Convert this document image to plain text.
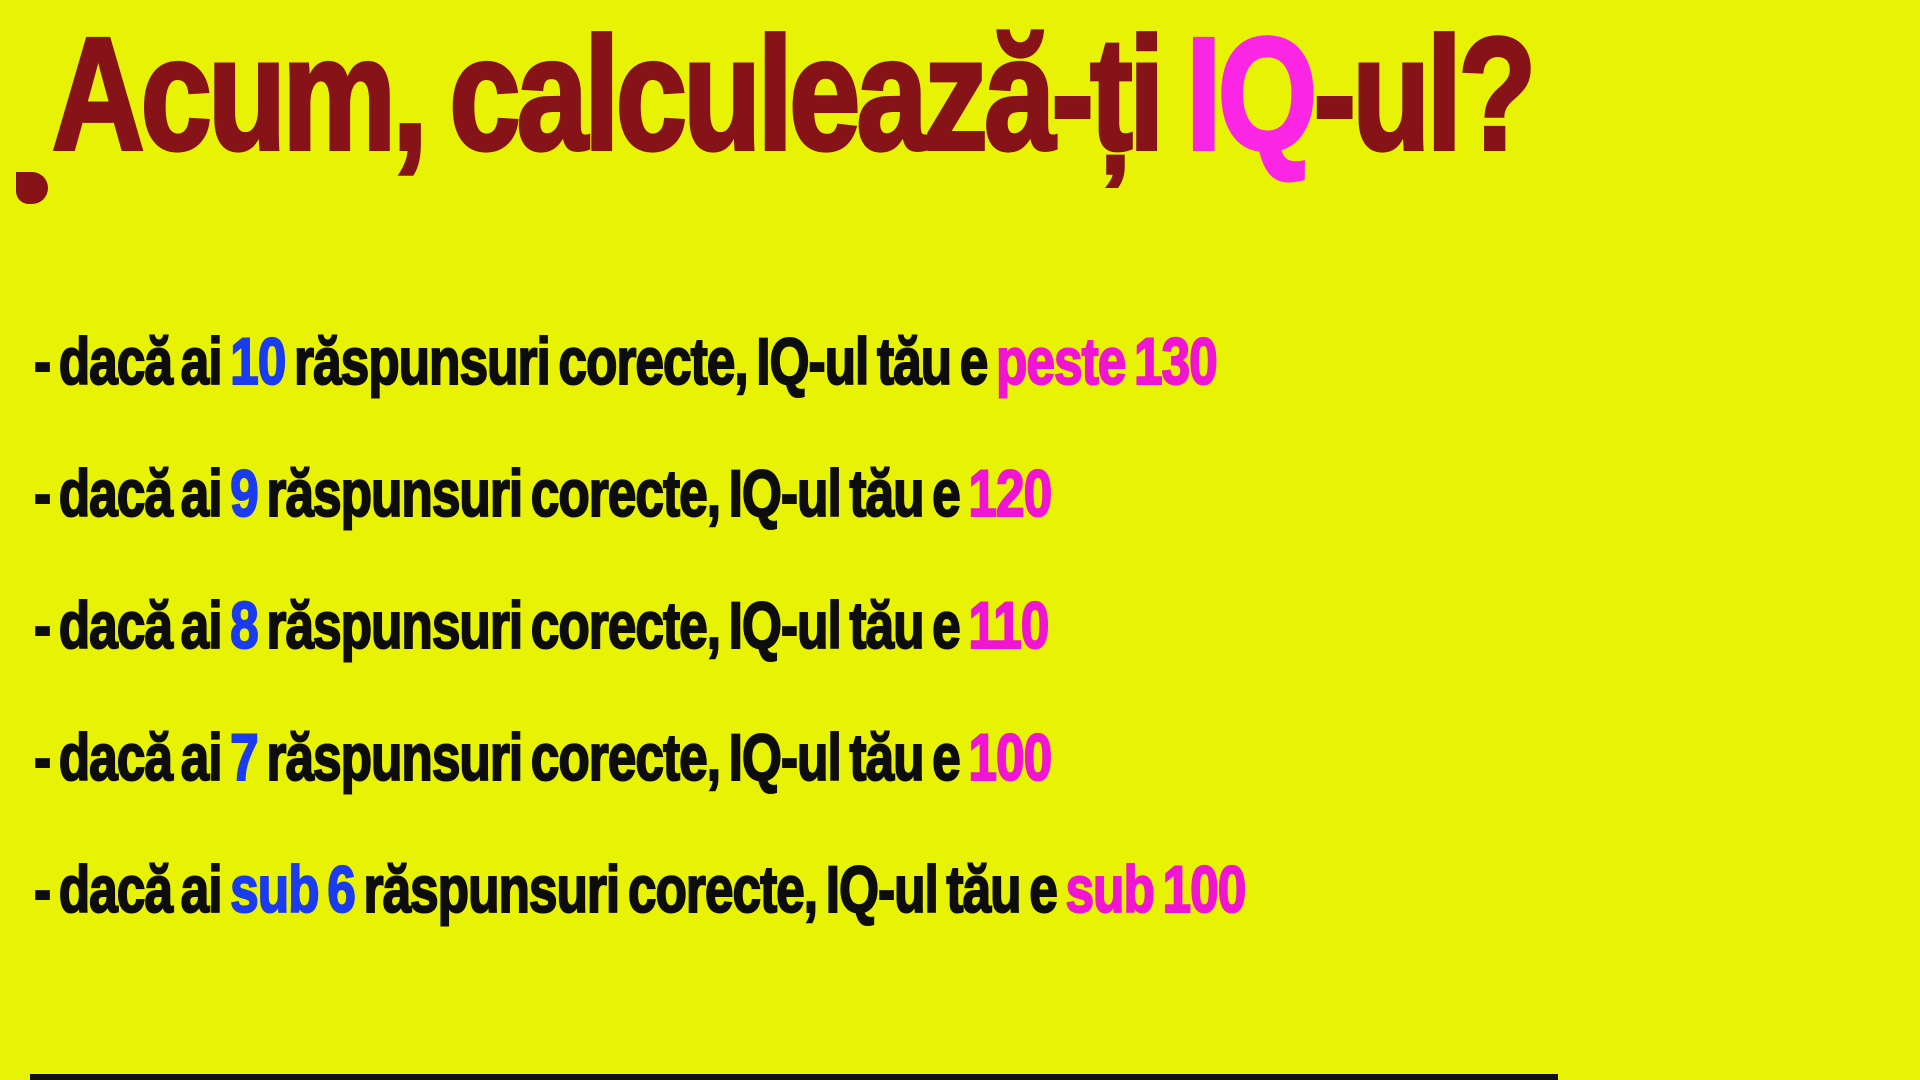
Acum, calculează-ți IQ-ul?
- dacă ai 10 răspunsuri corecte, IQ-ul tău e peste 130
- dacă ai 9 răspunsuri corecte, IQ-ul tău e 120
- dacă ai 8 răspunsuri corecte, IQ-ul tău e 110
- dacă ai 7 răspunsuri corecte, IQ-ul tău e 100
- dacă ai sub 6 răspunsuri corecte, IQ-ul tău e sub 100
